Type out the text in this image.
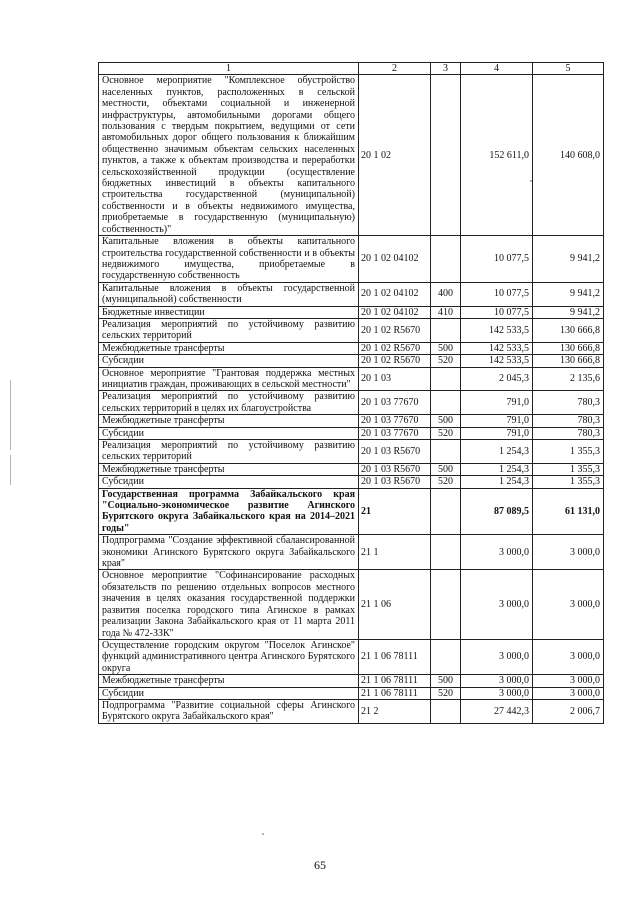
1	2	3	4	5
Основное мероприятие "Комплексное обустройство населенных пунктов, расположенных в сельской местности, объектами социальной и инженерной инфраструктуры, автомобильными дорогами общего пользования с твердым покрытием, ведущими от сети автомобильных дорог общего пользования к ближайшим общественно значимым объектам сельских населенных пунктов, а также к объектам производства и переработки сельскохозяйственной продукции (осуществление бюджетных инвестиций в объекты капитального строительства государственной (муниципальной) собственности и в объекты недвижимого имущества, приобретаемые в государственную (муниципальную) собственность)"	20 1 02		152 611,0	140 608,0
Капитальные вложения в объекты капитального строительства государственной собственности и в объекты недвижимого имущества, приобретаемые в государственную собственность	20 1 02 04102		10 077,5	9 941,2
Капитальные вложения в объекты государственной (муниципальной) собственности	20 1 02 04102	400	10 077,5	9 941,2
Бюджетные инвестиции	20 1 02 04102	410	10 077,5	9 941,2
Реализация мероприятий по устойчивому развитию сельских территорий	20 1 02 R5670		142 533,5	130 666,8
Межбюджетные трансферты	20 1 02 R5670	500	142 533,5	130 666,8
Субсидии	20 1 02 R5670	520	142 533,5	130 666,8
Основное мероприятие "Грантовая поддержка местных инициатив граждан, проживающих в сельской местности"	20 1 03		2 045,3	2 135,6
Реализация мероприятий по устойчивому развитию сельских территорий в целях их благоустройства	20 1 03 77670		791,0	780,3
Межбюджетные трансферты	20 1 03 77670	500	791,0	780,3
Субсидии	20 1 03 77670	520	791,0	780,3
Реализация мероприятий по устойчивому развитию сельских территорий	20 1 03 R5670		1 254,3	1 355,3
Межбюджетные трансферты	20 1 03 R5670	500	1 254,3	1 355,3
Субсидии	20 1 03 R5670	520	1 254,3	1 355,3
Государственная программа Забайкальского края "Социально-экономическое развитие Агинского Бурятского округа Забайкальского края на 2014–2021 годы"	21		87 089,5	61 131,0
Подпрограмма "Создание эффективной сбалансированной экономики Агинского Бурятского округа Забайкальского края"	21 1		3 000,0	3 000,0
Основное мероприятие "Софинансирование расходных обязательств по решению отдельных вопросов местного значения в целях оказания государственной поддержки развития поселка городского типа Агинское в рамках реализации Закона Забайкальского края от 11 марта 2011 года № 472-ЗЗК"	21 1 06		3 000,0	3 000,0
Осуществление городским округом "Поселок Агинское" функций административного центра Агинского Бурятского округа	21 1 06 78111		3 000,0	3 000,0
Межбюджетные трансферты	21 1 06 78111	500	3 000,0	3 000,0
Субсидии	21 1 06 78111	520	3 000,0	3 000,0
Подпрограмма "Развитие социальной сферы Агинского Бурятского округа Забайкальского края"	21 2		27 442,3	2 006,7
65
